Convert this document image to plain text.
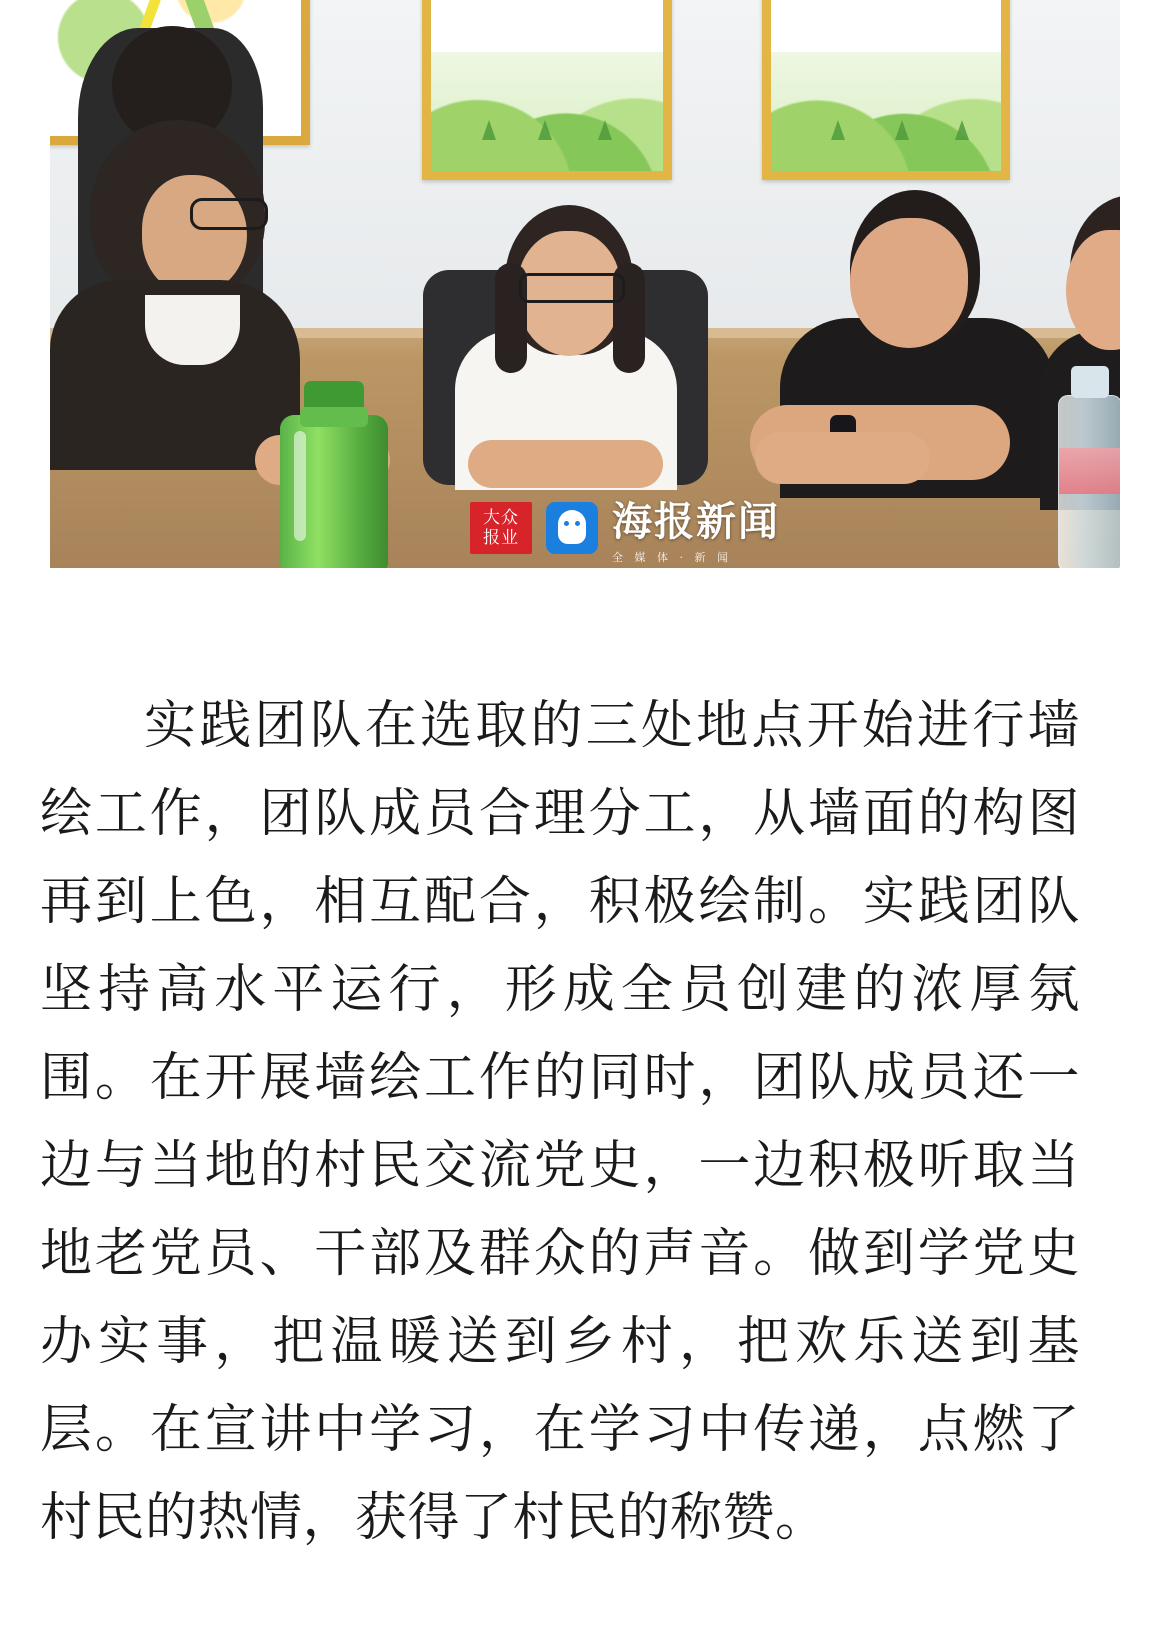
大众
报业 海报新闻
全 媒 体 · 新 闻

实践团队在选取的三处地点开始进行墙绘工作，团队成员合理分工，从墙面的构图再到上色，相互配合，积极绘制。实践团队坚持高水平运行，形成全员创建的浓厚氛围。在开展墙绘工作的同时，团队成员还一边与当地的村民交流党史，一边积极听取当地老党员、干部及群众的声音。做到学党史办实事，把温暖送到乡村，把欢乐送到基层。在宣讲中学习，在学习中传递，点燃了村民的热情，获得了村民的称赞。
